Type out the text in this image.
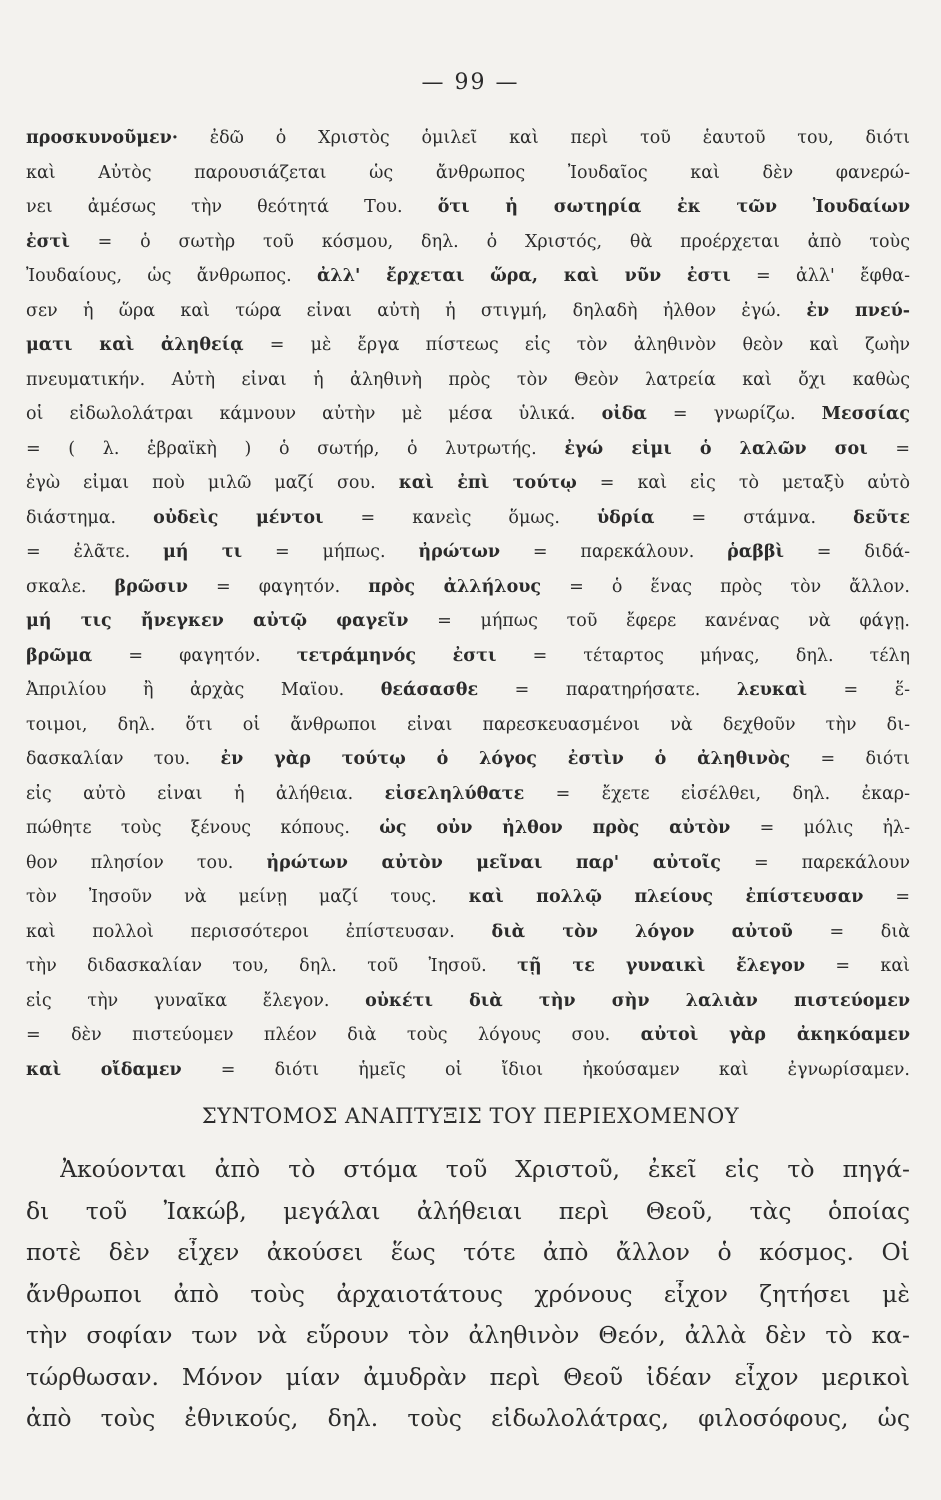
— 99 —
προσκυνοῦμεν· ἐδῶ ὁ Χριστὸς ὁμιλεῖ καὶ περὶ τοῦ ἑαυτοῦ του, διότι
καὶ Αὐτὸς παρουσιάζεται ὡς ἄνθρωπος Ἰουδαῖος καὶ δὲν φανερώ-
νει ἀμέσως τὴν θεότητά Του. ὅτι ἡ σωτηρία ἐκ τῶν Ἰουδαίων
ἐστὶ = ὁ σωτὴρ τοῦ κόσμου, δηλ. ὁ Χριστός, θὰ προέρχεται ἀπὸ τοὺς
Ἰουδαίους, ὡς ἄνθρωπος. ἀλλ' ἔρχεται ὥρα, καὶ νῦν ἐστι = ἀλλ' ἔφθα-
σεν ἡ ὥρα καὶ τώρα εἶναι αὐτὴ ἡ στιγμή, δηλαδὴ ἦλθον ἐγώ. ἐν πνεύ-
ματι καὶ ἀληθείᾳ = μὲ ἔργα πίστεως εἰς τὸν ἀληθινὸν θεὸν καὶ ζωὴν
πνευματικήν. Αὐτὴ εἶναι ἡ ἀληθινὴ πρὸς τὸν Θεὸν λατρεία καὶ ὄχι καθὼς
οἱ εἰδωλολάτραι κάμνουν αὐτὴν μὲ μέσα ὑλικά. οἶδα = γνωρίζω. Μεσσίας
= ( λ. ἑβραϊκὴ ) ὁ σωτήρ, ὁ λυτρωτής. ἐγώ εἰμι ὁ λαλῶν σοι =
ἐγὼ εἶμαι ποὺ μιλῶ μαζί σου. καὶ ἐπὶ τούτῳ = καὶ εἰς τὸ μεταξὺ αὐτὸ
διάστημα. οὐδεὶς μέντοι = κανεὶς ὅμως. ὑδρία = στάμνα. δεῦτε
= ἐλᾶτε. μή τι = μήπως. ἠρώτων = παρεκάλουν. ῥαββὶ = διδά-
σκαλε. βρῶσιν = φαγητόν. πρὸς ἀλλήλους = ὁ ἕνας πρὸς τὸν ἄλλον.
μή τις ἤνεγκεν αὐτῷ φαγεῖν = μήπως τοῦ ἔφερε κανένας νὰ φάγῃ.
βρῶμα = φαγητόν. τετράμηνός ἐστι = τέταρτος μήνας, δηλ. τέλη
Ἀπριλίου ἢ ἀρχὰς Μαΐου. θεάσασθε = παρατηρήσατε. λευκαὶ = ἕ-
τοιμοι, δηλ. ὅτι οἱ ἄνθρωποι εἶναι παρεσκευασμένοι νὰ δεχθοῦν τὴν δι-
δασκαλίαν του. ἐν γὰρ τούτῳ ὁ λόγος ἐστὶν ὁ ἀληθινὸς = διότι
εἰς αὐτὸ εἶναι ἡ ἀλήθεια. εἰσεληλύθατε = ἔχετε εἰσέλθει, δηλ. ἐκαρ-
πώθητε τοὺς ξένους κόπους. ὡς οὖν ἦλθον πρὸς αὐτὸν = μόλις ἦλ-
θον πλησίον του. ἠρώτων αὐτὸν μεῖναι παρ' αὐτοῖς = παρεκάλουν
τὸν Ἰησοῦν νὰ μείνῃ μαζί τους. καὶ πολλῷ πλείους ἐπίστευσαν =
καὶ πολλοὶ περισσότεροι ἐπίστευσαν. διὰ τὸν λόγον αὐτοῦ = διὰ
τὴν διδασκαλίαν του, δηλ. τοῦ Ἰησοῦ. τῇ τε γυναικὶ ἔλεγον = καὶ
εἰς τὴν γυναῖκα ἔλεγον. οὐκέτι διὰ τὴν σὴν λαλιὰν πιστεύομεν
= δὲν πιστεύομεν πλέον διὰ τοὺς λόγους σου. αὐτοὶ γὰρ ἀκηκόαμεν
καὶ οἴδαμεν = διότι ἡμεῖς οἱ ἴδιοι ἠκούσαμεν καὶ ἐγνωρίσαμεν.
ΣΥΝΤΟΜΟΣ ΑΝΑΠΤΥΞΙΣ ΤΟΥ ΠΕΡΙΕΧΟΜΕΝΟΥ
Ἀκούονται ἀπὸ τὸ στόμα τοῦ Χριστοῦ, ἐκεῖ εἰς τὸ πηγά-
δι τοῦ Ἰακώβ, μεγάλαι ἀλήθειαι περὶ Θεοῦ, τὰς ὁποίας
ποτὲ δὲν εἶχεν ἀκούσει ἕως τότε ἀπὸ ἄλλον ὁ κόσμος. Οἱ
ἄνθρωποι ἀπὸ τοὺς ἀρχαιοτάτους χρόνους εἶχον ζητήσει μὲ
τὴν σοφίαν των νὰ εὕρουν τὸν ἀληθινὸν Θεόν, ἀλλὰ δὲν τὸ κα-
τώρθωσαν. Μόνον μίαν ἀμυδρὰν περὶ Θεοῦ ἰδέαν εἶχον μερικοὶ
ἀπὸ τοὺς ἐθνικούς, δηλ. τοὺς εἰδωλολάτρας, φιλοσόφους, ὡς
